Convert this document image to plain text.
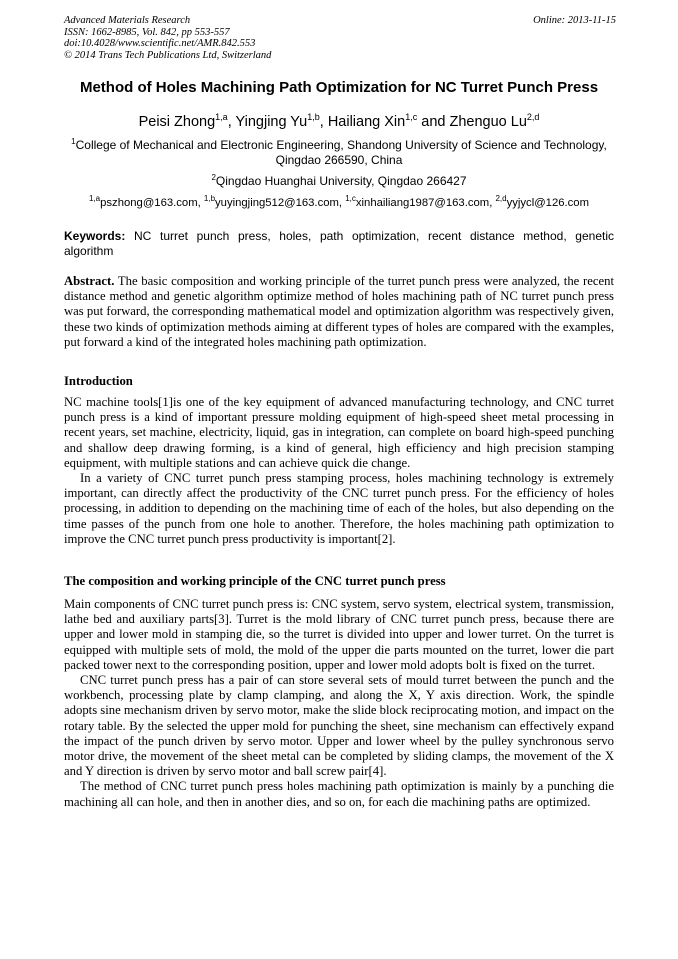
Advanced Materials Research
ISSN: 1662-8985, Vol. 842, pp 553-557
doi:10.4028/www.scientific.net/AMR.842.553
© 2014 Trans Tech Publications Ltd, Switzerland
Online: 2013-11-15
Method of Holes Machining Path Optimization for NC Turret Punch Press
Peisi Zhong$^{1,a}$, Yingjing Yu$^{1,b}$, Hailiang Xin$^{1,c}$ and Zhenguo Lu$^{2,d}$
$^1$College of Mechanical and Electronic Engineering, Shandong University of Science and Technology, Qingdao 266590, China
$^2$Qingdao Huanghai University, Qingdao 266427
$^{1,a}$pszhong@163.com, $^{1,b}$yuyingjing512@163.com, $^{1,c}$xinhailiang1987@163.com, $^{2,d}$yyjycl@126.com
Keywords: NC turret punch press, holes, path optimization, recent distance method, genetic algorithm

Abstract. The basic composition and working principle of the turret punch press were analyzed, the recent distance method and genetic algorithm optimize method of holes machining path of NC turret punch press was put forward, the corresponding mathematical model and optimization algorithm was respectively given, these two kinds of optimization methods aiming at different types of holes are compared with the examples, put forward a kind of the integrated holes machining path optimization.

Introduction

NC machine tools[1]is one of the key equipment of advanced manufacturing technology, and CNC turret punch press is a kind of important pressure molding equipment of high-speed sheet metal processing in recent years, set machine, electricity, liquid, gas in integration, can complete on board high-speed punching and shallow deep drawing forming, is a kind of general, high efficiency and high precision stamping equipment, with multiple stations and can achieve quick die change.

In a variety of CNC turret punch press stamping process, holes machining technology is extremely important, can directly affect the productivity of the CNC turret punch press. For the efficiency of holes processing, in addition to depending on the machining time of each of the holes, but also depending on the time passes of the punch from one hole to another. Therefore, the holes machining path optimization to improve the CNC turret punch press productivity is important[2].

The composition and working principle of the CNC turret punch press

Main components of CNC turret punch press is: CNC system, servo system, electrical system, transmission, lathe bed and auxiliary parts[3]. Turret is the mold library of CNC turret punch press, because there are upper and lower mold in stamping die, so the turret is divided into upper and lower turret. On the turret is equipped with multiple sets of mold, the mold of the upper die parts mounted on the turret, lower die part packed tower next to the corresponding position, upper and lower mold adopts bolt is fixed on the turret.

CNC turret punch press has a pair of can store several sets of mould turret between the punch and the workbench, processing plate by clamp clamping, and along the X, Y axis direction. Work, the spindle adopts sine mechanism driven by servo motor, make the slide block reciprocating motion, and impact on the rotary table. By the selected the upper mold for punching the sheet, sine mechanism can effectively expand the impact of the punch driven by servo motor. Upper and lower wheel by the pulley synchronous servo motor drive, the movement of the sheet metal can be completed by sliding clamps, the movement of the X and Y direction is driven by servo motor and ball screw pair[4].

The method of CNC turret punch press holes machining path optimization is mainly by a punching die machining all can hole, and then in another dies, and so on, for each die machining paths are optimized.
